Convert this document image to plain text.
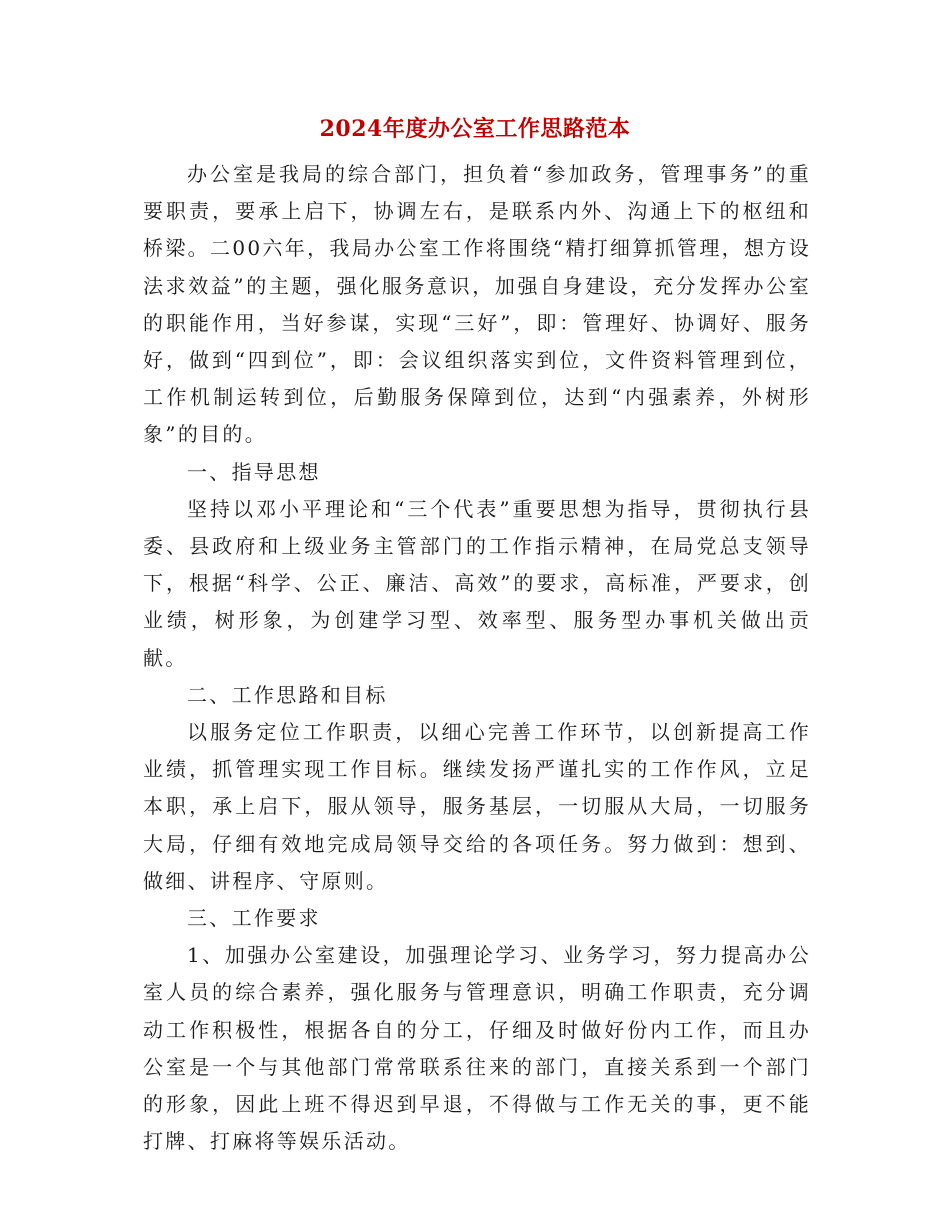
2024年度办公室工作思路范本

办公室是我局的综合部门，担负着“参加政务，管理事务”的重要职责，要承上启下，协调左右，是联系内外、沟通上下的枢纽和桥梁。二00六年，我局办公室工作将围绕“精打细算抓管理，想方设法求效益”的主题，强化服务意识，加强自身建设，充分发挥办公室的职能作用，当好参谋，实现“三好”，即：管理好、协调好、服务好，做到“四到位”，即：会议组织落实到位，文件资料管理到位，工作机制运转到位，后勤服务保障到位，达到“内强素养，外树形象”的目的。

一、指导思想

坚持以邓小平理论和“三个代表”重要思想为指导，贯彻执行县委、县政府和上级业务主管部门的工作指示精神，在局党总支领导下，根据“科学、公正、廉洁、高效”的要求，高标准，严要求，创业绩，树形象，为创建学习型、效率型、服务型办事机关做出贡献。

二、工作思路和目标

以服务定位工作职责，以细心完善工作环节，以创新提高工作业绩，抓管理实现工作目标。继续发扬严谨扎实的工作作风，立足本职，承上启下，服从领导，服务基层，一切服从大局，一切服务大局，仔细有效地完成局领导交给的各项任务。努力做到：想到、做细、讲程序、守原则。

三、工作要求

1、加强办公室建设，加强理论学习、业务学习，努力提高办公室人员的综合素养，强化服务与管理意识，明确工作职责，充分调动工作积极性，根据各自的分工，仔细及时做好份内工作，而且办公室是一个与其他部门常常联系往来的部门，直接关系到一个部门的形象，因此上班不得迟到早退，不得做与工作无关的事，更不能打牌、打麻将等娱乐活动。
